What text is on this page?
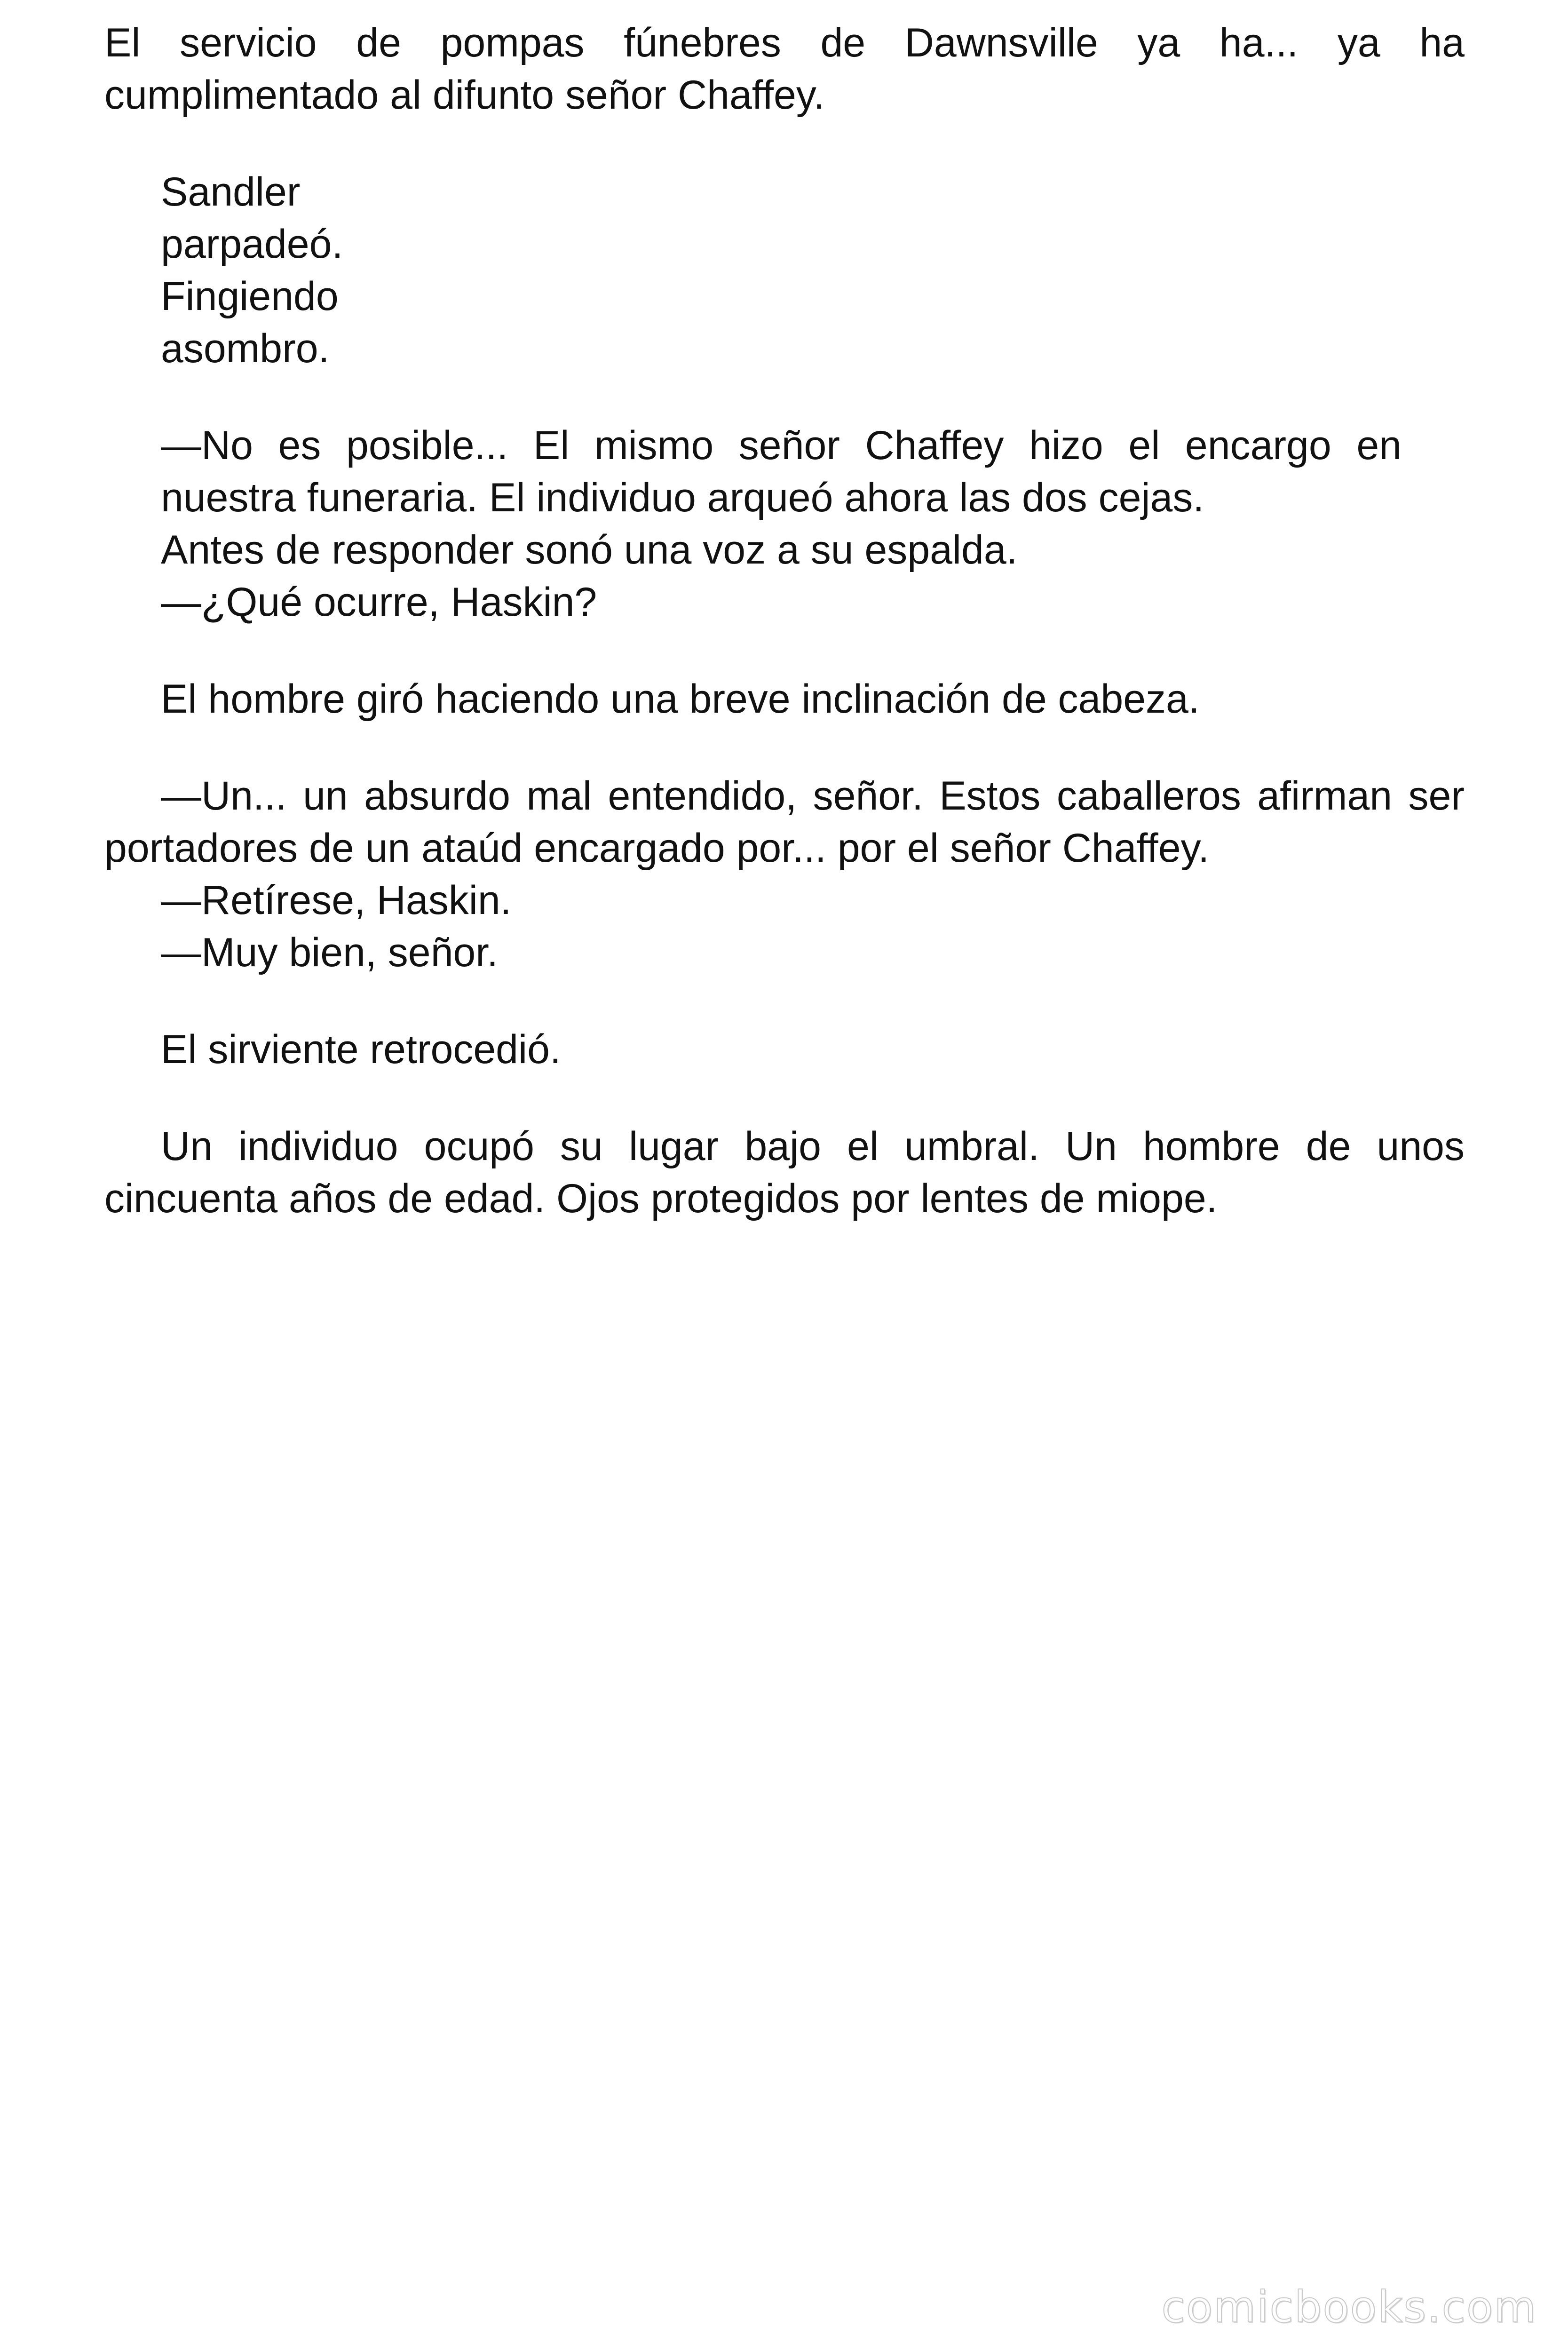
El servicio de pompas fúnebres de Dawnsville ya ha... ya ha cumplimentado al difunto señor Chaffey.

Sandler parpadeó. Fingiendo asombro.

—No es posible... El mismo señor Chaffey hizo el encargo en nuestra funeraria. El individuo arqueó ahora las dos cejas.

Antes de responder sonó una voz a su espalda.

—¿Qué ocurre, Haskin?

El hombre giró haciendo una breve inclinación de cabeza.

—Un... un absurdo mal entendido, señor. Estos caballeros afirman ser portadores de un ataúd encargado por... por el señor Chaffey.

—Retírese, Haskin.

—Muy bien, señor.

El sirviente retrocedió.

Un individuo ocupó su lugar bajo el umbral. Un hombre de unos cincuenta años de edad. Ojos protegidos por lentes de miope.

comicbooks.com
